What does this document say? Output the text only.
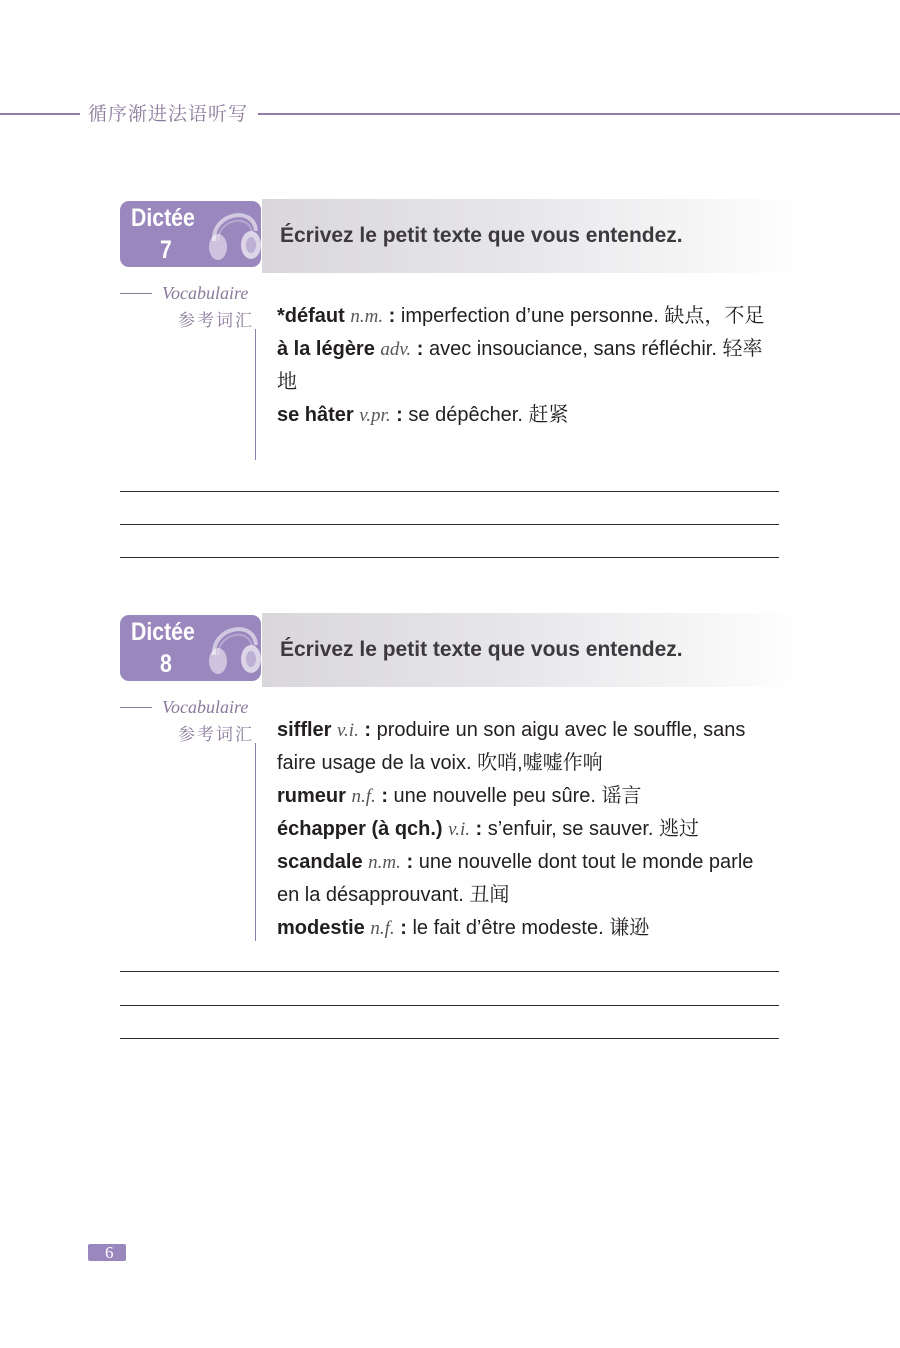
循序渐进法语听写
Dictée
7
Écrivez le petit texte que vous entendez.
Vocabulaire
参考词汇 *défaut n.m. : imperfection d’une personne. 缺点，不足

à la légère adv. : avec insouciance, sans réfléchir. 轻率地

se hâter v.pr. : se dépêcher. 赶紧

Dictée
8
Écrivez le petit texte que vous entendez.
Vocabulaire
参考词汇 siffler v.i. : produire un son aigu avec le souffle, sans faire usage de la voix. 吹哨,嘘嘘作响

rumeur n.f. : une nouvelle peu sûre. 谣言

échapper (à qch.) v.i. : s’enfuir, se sauver. 逃过

scandale n.m. : une nouvelle dont tout le monde parle en la désapprouvant. 丑闻

modestie n.f. : le fait d’être modeste. 谦逊

6
